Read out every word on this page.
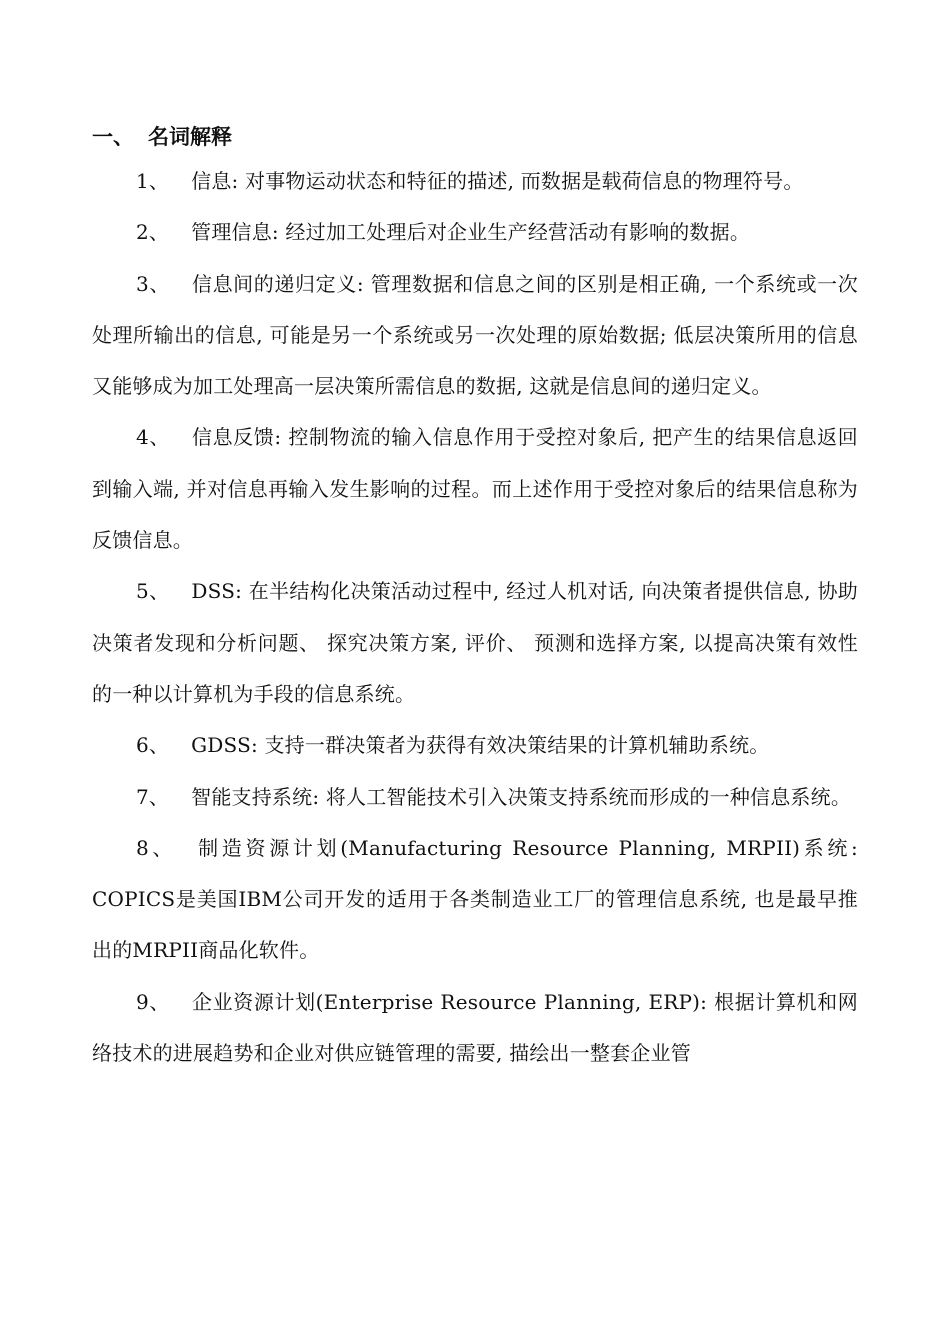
一、 名词解释

1、 信息: 对事物运动状态和特征的描述, 而数据是载荷信息的物理符号。

2、 管理信息: 经过加工处理后对企业生产经营活动有影响的数据。

3、 信息间的递归定义: 管理数据和信息之间的区别是相正确, 一个系统或一次处理所输出的信息, 可能是另一个系统或另一次处理的原始数据; 低层决策所用的信息又能够成为加工处理高一层决策所需信息的数据, 这就是信息间的递归定义。

4、 信息反馈: 控制物流的输入信息作用于受控对象后, 把产生的结果信息返回到输入端, 并对信息再输入发生影响的过程。而上述作用于受控对象后的结果信息称为反馈信息。

5、 DSS: 在半结构化决策活动过程中, 经过人机对话, 向决策者提供信息, 协助决策者发现和分析问题、 探究决策方案, 评价、 预测和选择方案, 以提高决策有效性的一种以计算机为手段的信息系统。

6、 GDSS: 支持一群决策者为获得有效决策结果的计算机辅助系统。

7、 智能支持系统: 将人工智能技术引入决策支持系统而形成的一种信息系统。

8、 制造资源计划(Manufacturing Resource Planning, MRPII)系统: COPICS是美国IBM公司开发的适用于各类制造业工厂的管理信息系统, 也是最早推出的MRPII商品化软件。

9、 企业资源计划(Enterprise Resource Planning, ERP): 根据计算机和网络技术的进展趋势和企业对供应链管理的需要, 描绘出一整套企业管
